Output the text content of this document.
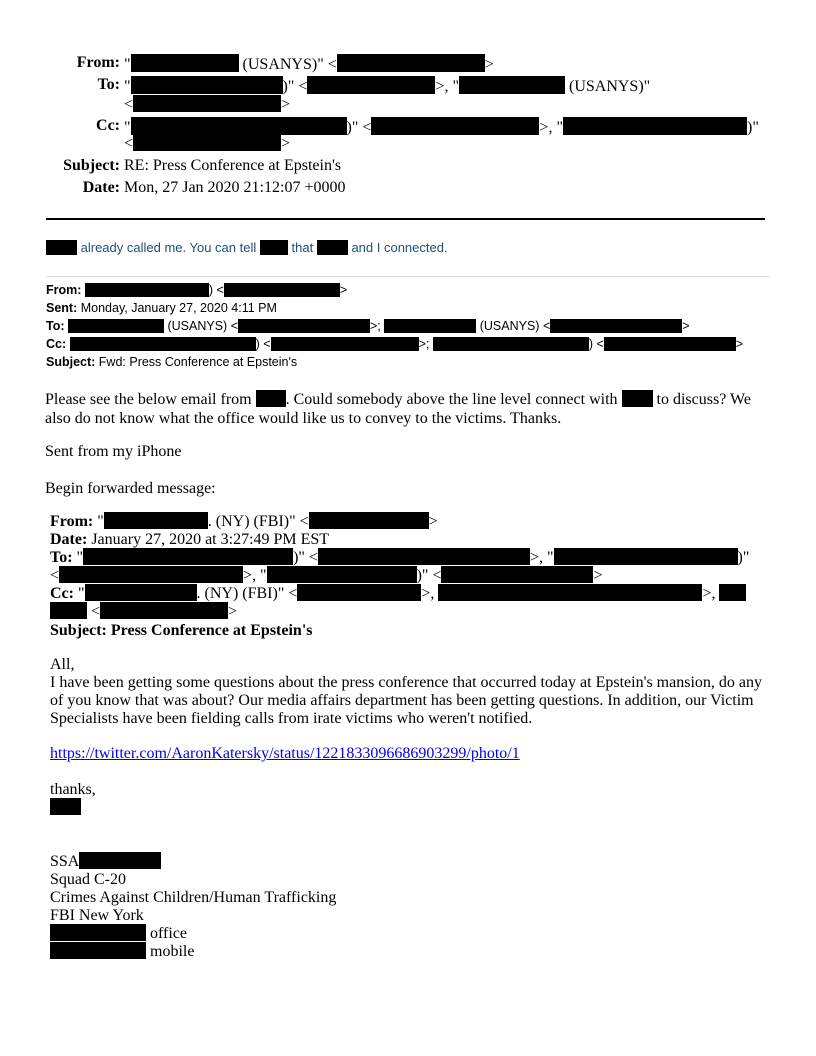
From: "	(USANYS)" <	>
To: "	)" <	>, "	(USANYS)"
<	>
Cc: "	)" <	>, "	)"
<	>
Subject: RE: Press Conference at Epstein's
Date: Mon, 27 Jan 2020 21:12:07 +0000
already called me. You can tell	that	and I connected.
From:	) <	>
Sent: Monday, January 27, 2020 4:11 PM
To:	(USANYS) <	>;	(USANYS) <	>
Cc:	) <	>;	) <	>
Subject: Fwd: Press Conference at Epstein's
Please see the below email from . Could somebody above the line level connect with to discuss? We
also do not know what the office would like us to convey to the victims. Thanks.
Sent from my iPhone
Begin forwarded message:
From: "	. (NY) (FBI)" <	>
Date: January 27, 2020 at 3:27:49 PM EST
To: "	)" <	>, "	)"
<	>, "	)" <	>
Cc: "	. (NY) (FBI)" <	>,	>,
<	>
Subject: Press Conference at Epstein's
All,
I have been getting some questions about the press conference that occurred today at Epstein's mansion, do any
of you know that was about? Our media affairs department has been getting questions. In addition, our Victim
Specialists have been fielding calls from irate victims who weren't notified.
https://twitter.com/AaronKatersky/status/1221833096686903299/photo/1
thanks,
SSA
Squad C-20
Crimes Against Children/Human Trafficking
FBI New York
office
mobile
